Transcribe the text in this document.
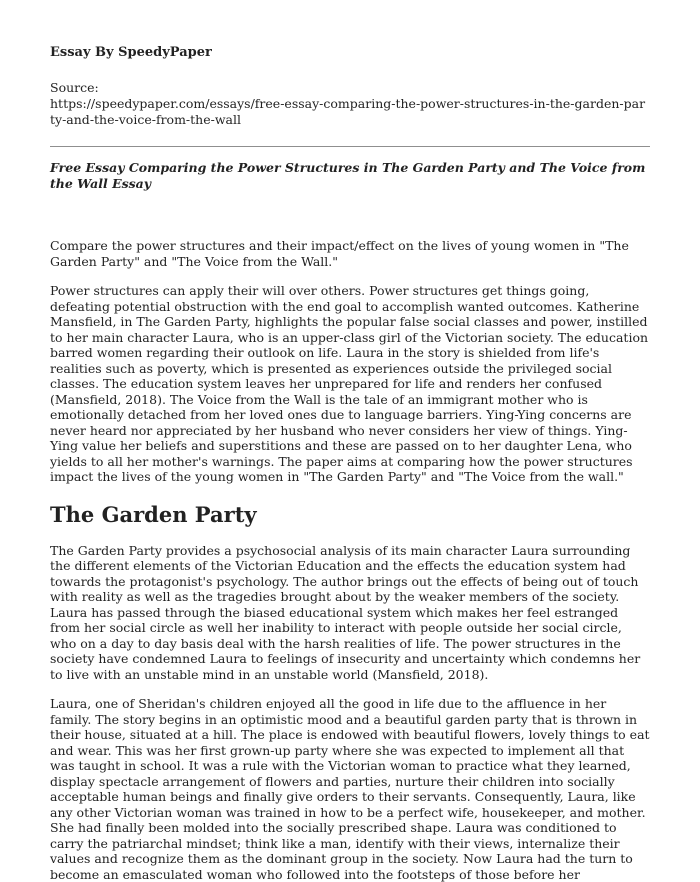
Essay By SpeedyPaper
Source:
https://speedypaper.com/essays/free-essay-comparing-the-power-structures-in-the-garden-party-and-the-voice-from-the-wall
Free Essay Comparing the Power Structures in The Garden Party and The Voice from the Wall Essay

Compare the power structures and their impact/effect on the lives of young women in "The Garden Party" and "The Voice from the Wall."

Power structures can apply their will over others. Power structures get things going, defeating potential obstruction with the end goal to accomplish wanted outcomes. Katherine Mansfield, in The Garden Party, highlights the popular false social classes and power, instilled to her main character Laura, who is an upper-class girl of the Victorian society. The education barred women regarding their outlook on life. Laura in the story is shielded from life's realities such as poverty, which is presented as experiences outside the privileged social classes. The education system leaves her unprepared for life and renders her confused (Mansfield, 2018). The Voice from the Wall is the tale of an immigrant mother who is emotionally detached from her loved ones due to language barriers. Ying-Ying concerns are never heard nor appreciated by her husband who never considers her view of things. Ying- Ying value her beliefs and superstitions and these are passed on to her daughter Lena, who yields to all her mother's warnings. The paper aims at comparing how the power structures impact the lives of the young women in "The Garden Party" and "The Voice from the wall."

The Garden Party

The Garden Party provides a psychosocial analysis of its main character Laura surrounding the different elements of the Victorian Education and the effects the education system had towards the protagonist's psychology. The author brings out the effects of being out of touch with reality as well as the tragedies brought about by the weaker members of the society. Laura has passed through the biased educational system which makes her feel estranged from her social circle as well her inability to interact with people outside her social circle, who on a day to day basis deal with the harsh realities of life. The power structures in the society have condemned Laura to feelings of insecurity and uncertainty which condemns her to live with an unstable mind in an unstable world (Mansfield, 2018).

Laura, one of Sheridan's children enjoyed all the good in life due to the affluence in her family. The story begins in an optimistic mood and a beautiful garden party that is thrown in their house, situated at a hill. The place is endowed with beautiful flowers, lovely things to eat and wear. This was her first grown-up party where she was expected to implement all that was taught in school. It was a rule with the Victorian woman to practice what they learned, display spectacle arrangement of flowers and parties, nurture their children into socially acceptable human beings and finally give orders to their servants. Consequently, Laura, like any other Victorian woman was trained in how to be a perfect wife, housekeeper, and mother. She had finally been molded into the socially prescribed shape. Laura was conditioned to carry the patriarchal mindset; think like a man, identify with their views, internalize their values and recognize them as the dominant group in the society. Now Laura had the turn to become an emasculated woman who followed into the footsteps of those before her
